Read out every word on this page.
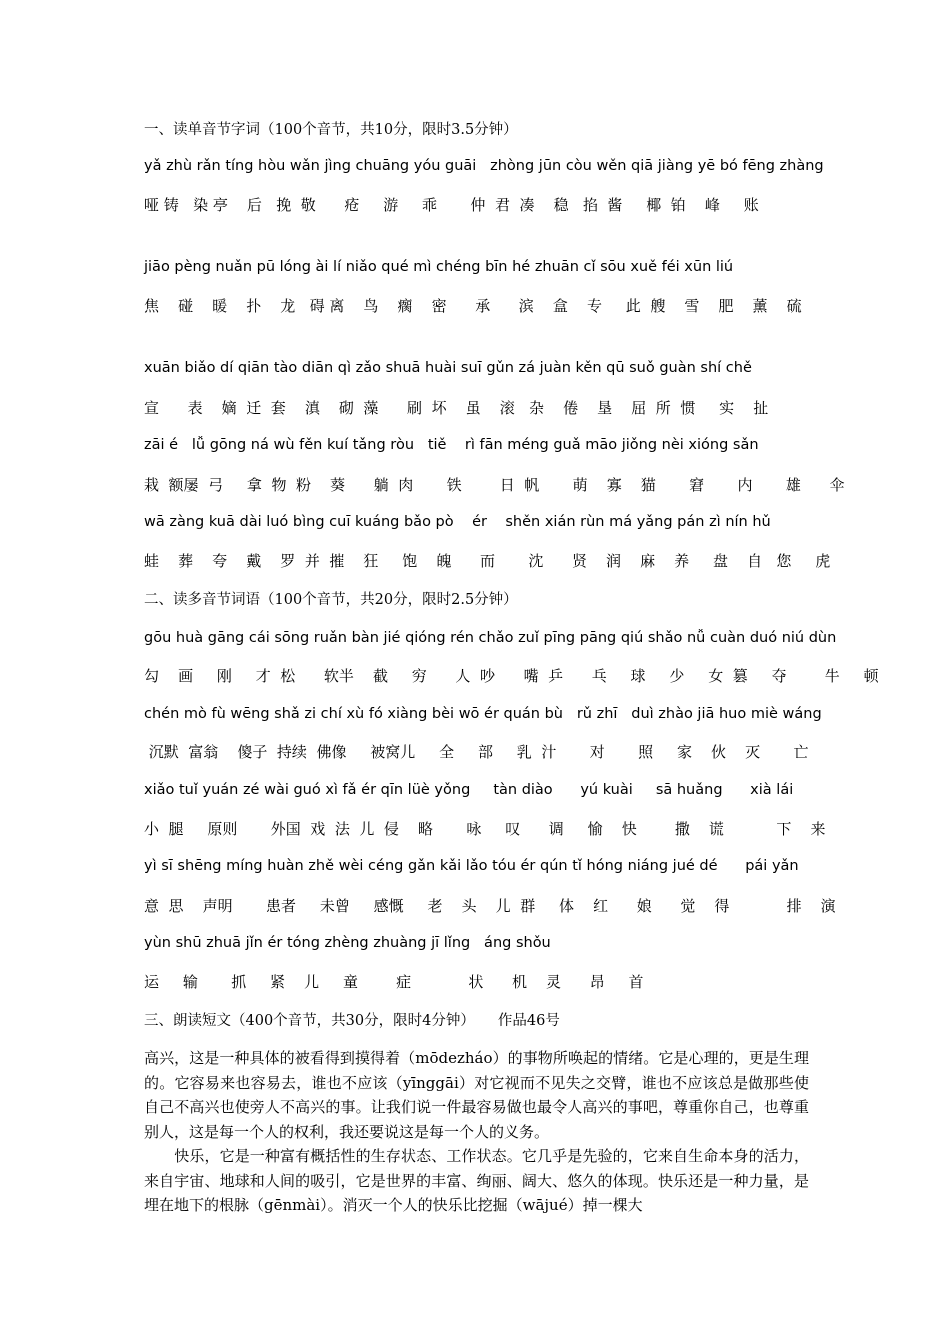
一、读单音节字词（100个音节，共10分，限时3.5分钟）
yǎ zhù rǎn tíng hòu wǎn jìng chuāng yóu guāi   zhòng jūn còu wěn qiā jiàng yē bó fēng zhàng
哑 铸   染 亭    后   挽  敬      疮     游     乖       仲  君  凑    稳   掐  酱     椰  铂    峰     账
jiāo pèng nuǎn pū lóng ài lí niǎo qué mì chéng bīn hé zhuān cǐ sōu xuě féi xūn liú
焦    碰    暖    扑    龙   碍 离    鸟    瘸    密      承      滨    盒    专     此  艘    雪    肥    薰    硫
xuān biǎo dí qiān tào diān qì zǎo shuā huài suī gǔn zá juàn kěn qū suǒ guàn shí chě
宣      表    嫡  迁  套    滇    砌  藻      刷  坏    虽    滚   杂    倦    垦    屈  所  惯     实    扯
zāi é   lǚ gōng ná wù fěn kuí tǎng ròu   tiě    rì fān méng guǎ māo jiǒng nèi xióng sǎn
栽  额屡  弓     拿  物  粉    葵      躺  肉       铁        日  帆       萌    寡    猫       窘       内       雄      伞
wā zàng kuā dài luó bìng cuī kuáng bǎo pò    ér    shěn xián rùn má yǎng pán zì nín hǔ
蛙    葬    夸    戴    罗  并  摧    狂     饱    魄      而       沈      贤    润    麻    养     盘    自   您     虎
二、读多音节词语（100个音节，共20分，限时2.5分钟）
gōu huà gāng cái sōng ruǎn bàn jié qióng rén chǎo zuǐ pīng pāng qiú shǎo nǚ cuàn duó niú dùn
勾    画     刚     才  松      软半    截     穷      人  吵      嘴  乒      乓     球     少     女  篡     夺        牛     顿
chén mò fù wēng shǎ zi chí xù fó xiàng bèi wō ér quán bù   rǔ zhī   duì zhào jiā huo miè wáng
沉默  富翁    傻子  持续  佛像     被窝儿     全     部     乳  汁       对       照     家    伙    灭       亡
xiǎo tuǐ yuán zé wài guó xì fǎ ér qīn lüè yǒng     tàn diào      yú kuài     sā huǎng      xià lái
小  腿     原则       外国  戏  法  儿  侵    略       咏     叹      调     愉    快        撒    谎           下    来
yì sī shēng míng huàn zhě wèi céng gǎn kǎi lǎo tóu ér qún tǐ hóng niáng jué dé      pái yǎn
意  思    声明       患者     未曾     感慨     老    头    儿  群     体    红      娘      觉    得            排    演
yùn shū zhuā jǐn ér tóng zhèng zhuàng jī lǐng   áng shǒu
运     输       抓     紧    儿     童        症            状      机    灵      昂     首
三、朗读短文（400个音节，共30分，限时4分钟）     作品46号

高兴，这是一种具体的被看得到摸得着（mōdezháo）的事物所唤起的情绪。它是心理的，更是生理的。它容易来也容易去，谁也不应该（yīnggāi）对它视而不见失之交臂，谁也不应该总是做那些使自己不高兴也使旁人不高兴的事。让我们说一件最容易做也最令人高兴的事吧，尊重你自己，也尊重别人，这是每一个人的权利，我还要说这是每一个人的义务。

　　快乐，它是一种富有概括性的生存状态、工作状态。它几乎是先验的，它来自生命本身的活力，来自宇宙、地球和人间的吸引，它是世界的丰富、绚丽、阔大、悠久的体现。快乐还是一种力量，是埋在地下的根脉（gēnmài）。消灭一个人的快乐比挖掘（wājué）掉一棵大
